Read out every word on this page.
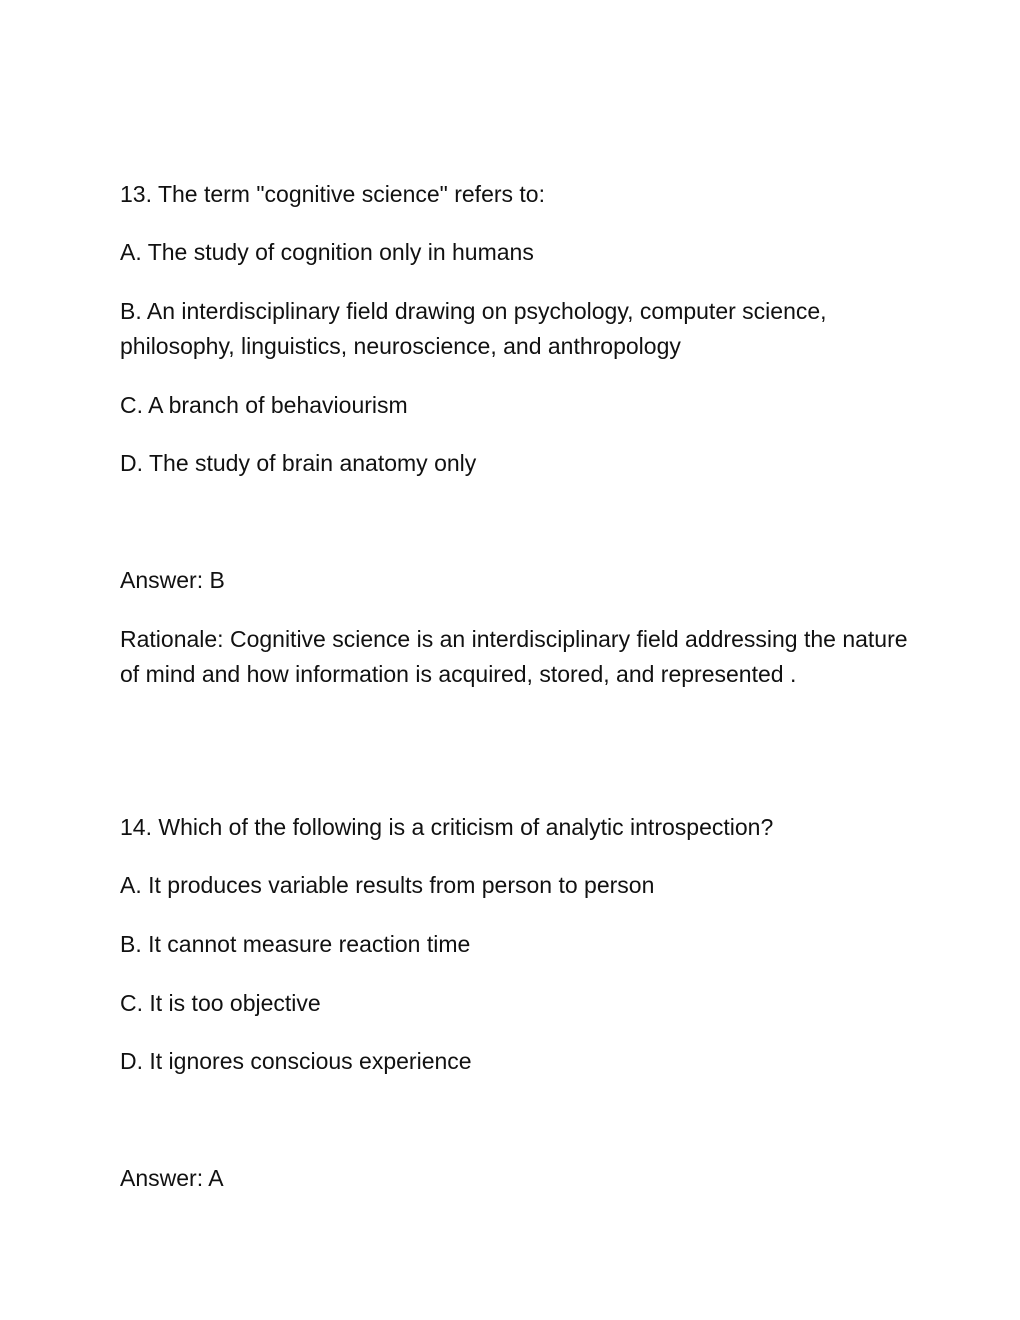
13. The term "cognitive science" refers to:

A. The study of cognition only in humans

B. An interdisciplinary field drawing on psychology, computer science, philosophy, linguistics, neuroscience, and anthropology

C. A branch of behaviourism

D. The study of brain anatomy only

Answer: B

Rationale: Cognitive science is an interdisciplinary field addressing the nature of mind and how information is acquired, stored, and represented .

14. Which of the following is a criticism of analytic introspection?

A. It produces variable results from person to person

B. It cannot measure reaction time

C. It is too objective

D. It ignores conscious experience

Answer: A
